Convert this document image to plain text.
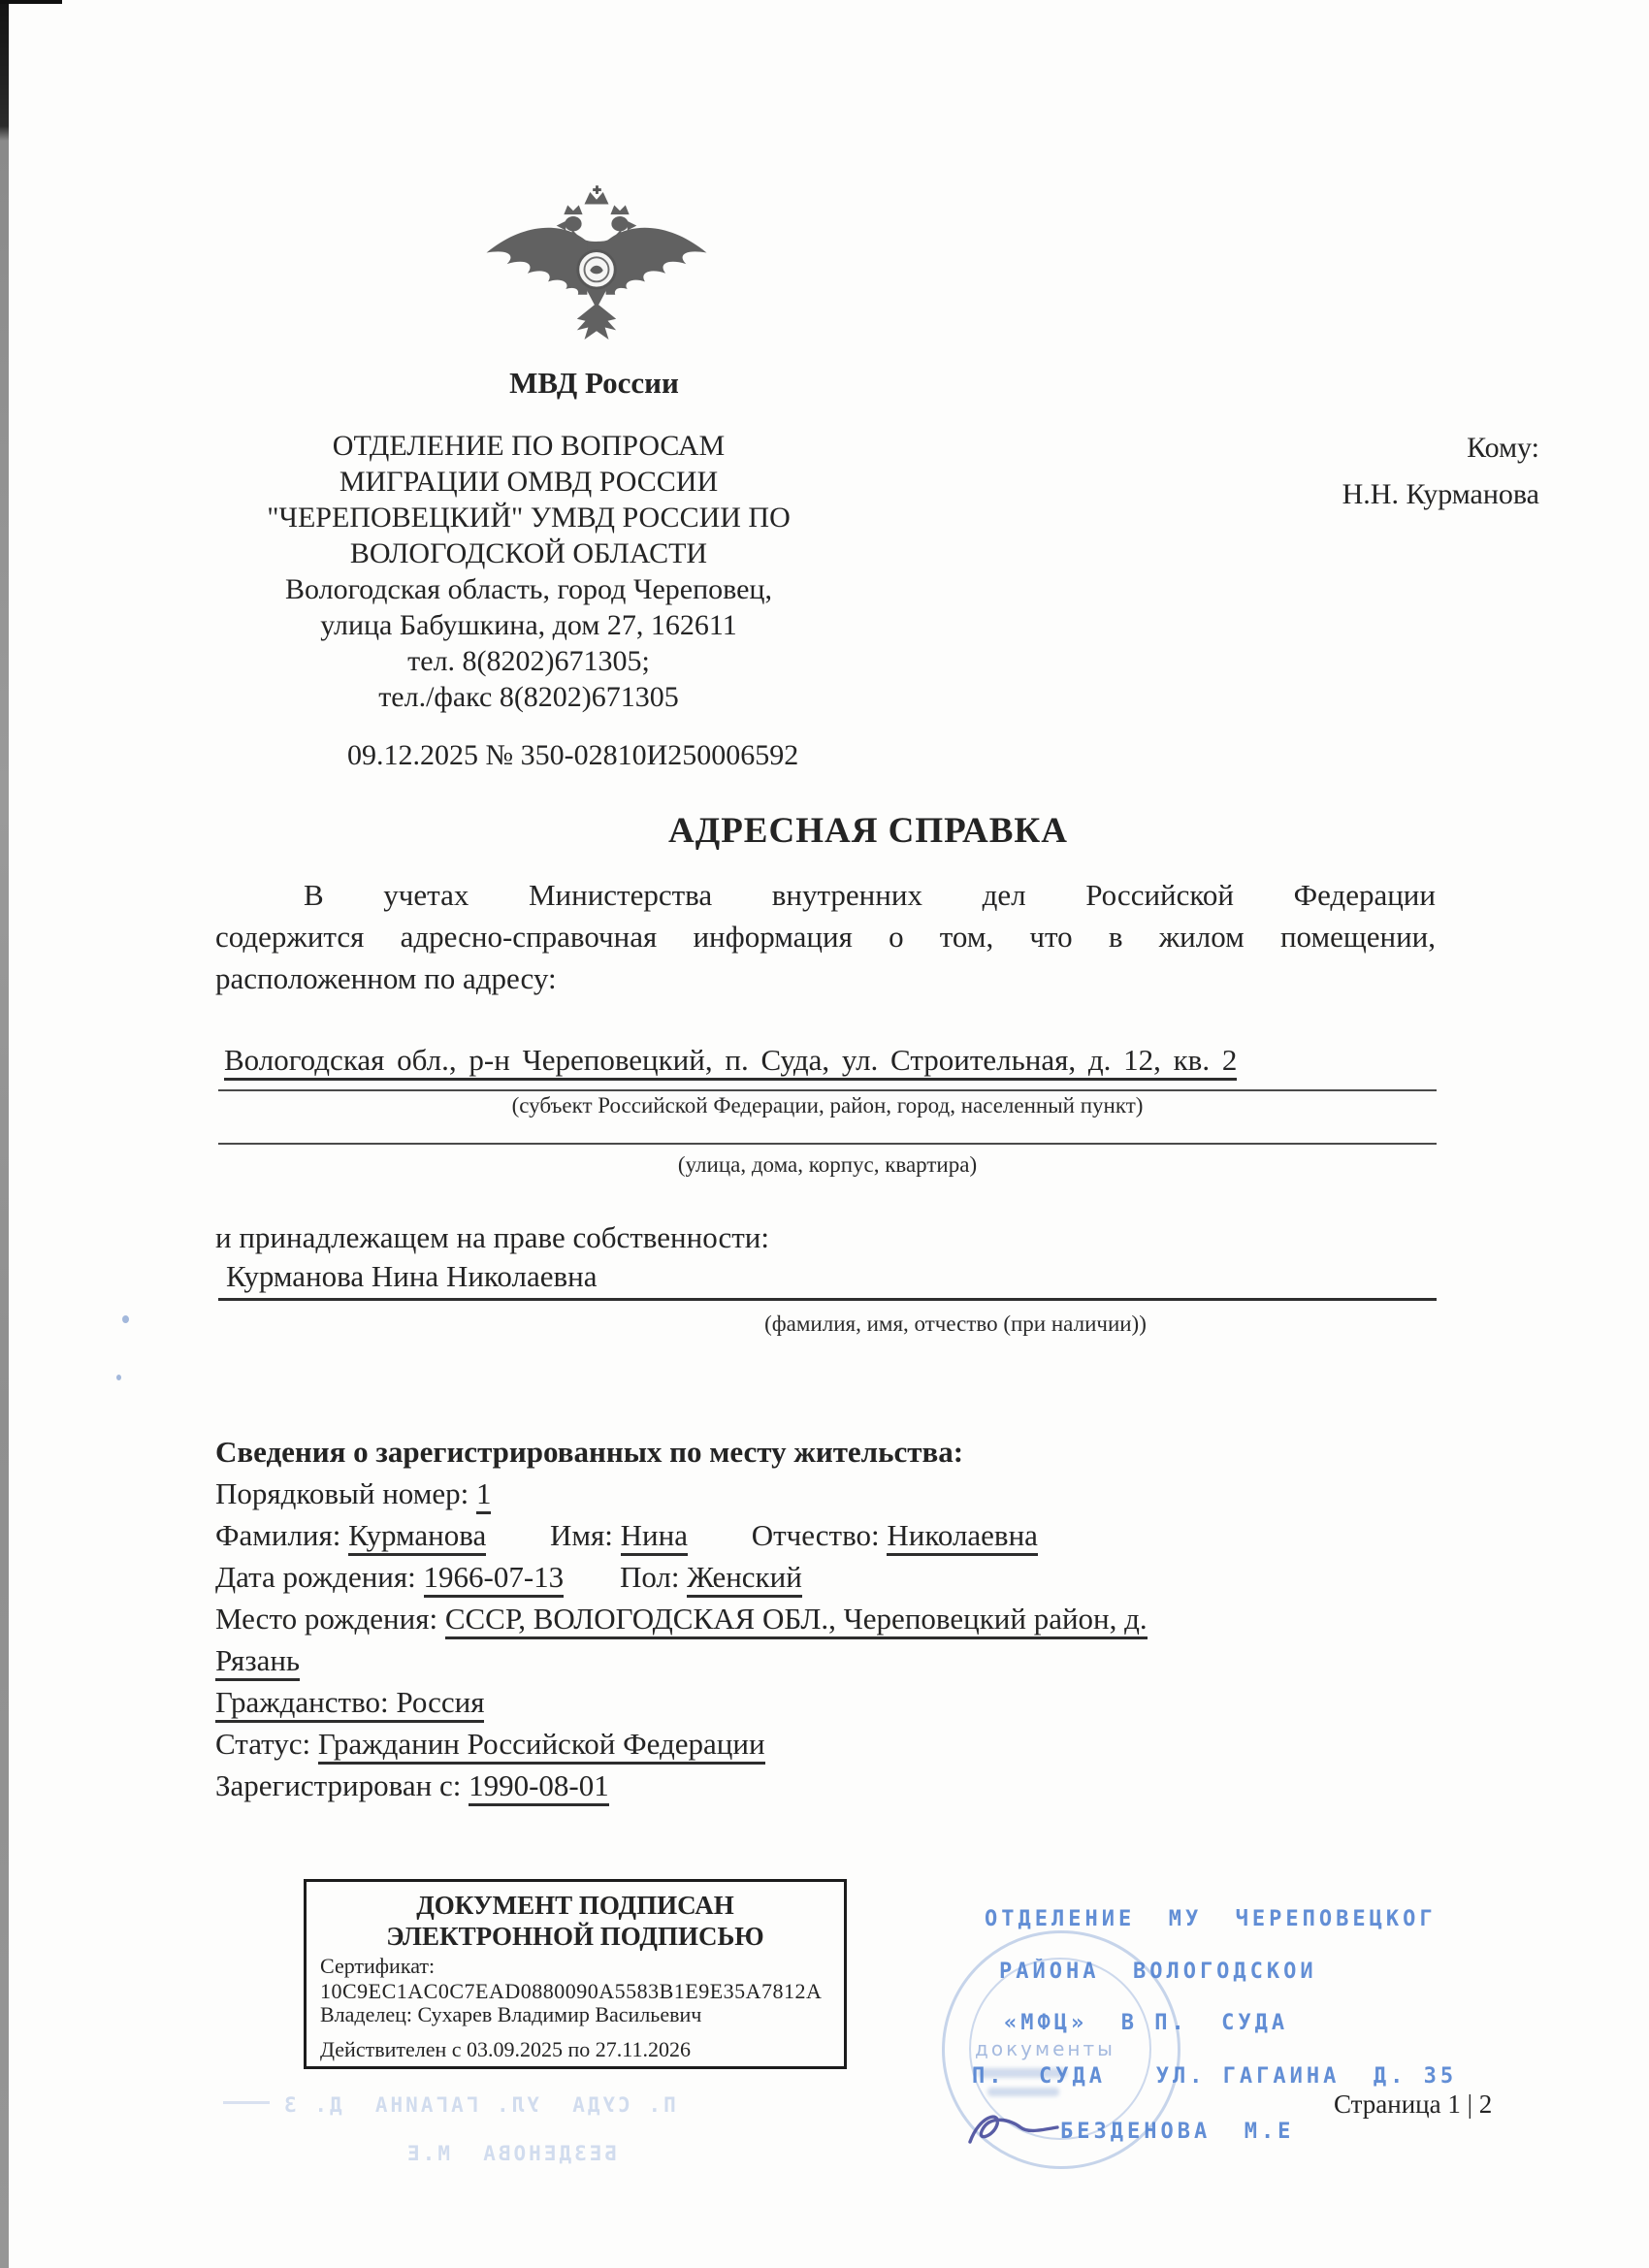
МВД России
ОТДЕЛЕНИЕ ПО ВОПРОСАМ
МИГРАЦИИ ОМВД РОССИИ
"ЧЕРЕПОВЕЦКИЙ" УМВД РОССИИ ПО
ВОЛОГОДСКОЙ ОБЛАСТИ
Вологодская область, город Череповец,
улица Бабушкина, дом 27, 162611
тел. 8(8202)671305;
тел./факс 8(8202)671305
Кому:
Н.Н. Курманова
09.12.2025 № 350-02810И250006592
АДРЕСНАЯ СПРАВКА
В учетах Министерства внутренних дел Российской Федерации
содержится адресно-справочная информация о том, что в жилом помещении,
расположенном по адресу:
Вологодская обл., р-н Череповецкий, п. Суда, ул. Строительная, д. 12, кв. 2
(субъект Российской Федерации, район, город, населенный пункт)
(улица, дома, корпус, квартира)
и принадлежащем на праве собственности:
Курманова Нина Николаевна
(фамилия, имя, отчество (при наличии))
Сведения о зарегистрированных по месту жительства:
Порядковый номер: 1
Фамилия: Курманова Имя: Нина Отчество: Николаевна
Дата рождения: 1966-07-13 Пол: Женский
Место рождения: СССР, ВОЛОГОДСКАЯ ОБЛ., Череповецкий район, д.
Рязань
Гражданство: Россия
Статус: Гражданин Российской Федерации
Зарегистрирован с: 1990-08-01
ДОКУМЕНТ ПОДПИСАН
ЭЛЕКТРОННОЙ ПОДПИСЬЮ
Сертификат:
10C9EC1AC0C7EAD0880090A5583B1E9E35A7812A
Владелец: Сухарев Владимир Васильевич
Действителен с 03.09.2025 по 27.11.2026	документы
ОТДЕЛЕНИЕ  МУ  ЧЕРЕПОВЕЦКОГ
РАЙОНА  ВОЛОГОДСКОИ
«МФЦ»  В П.  СУДА
П.  СУДА   УЛ. ГАГАИНА  Д. 35
БЕЗДЕНОВА  М.Е
Страница 1 | 2
П. СУДА  УЛ. ГАГАИНА  Д. 3
БЕЗДЕНОВА  М.Е
